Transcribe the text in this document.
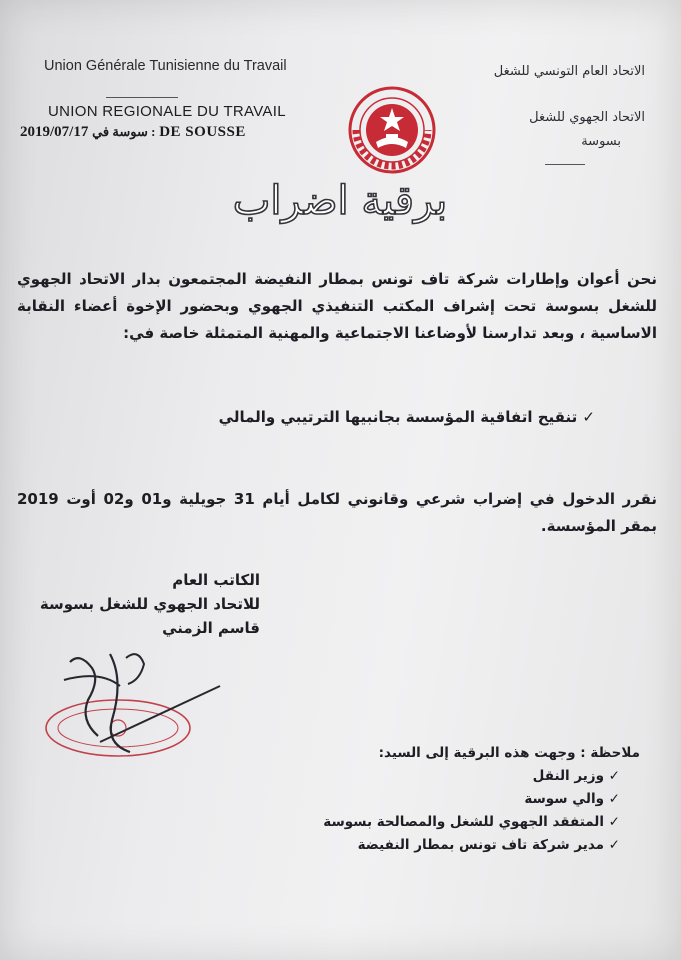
Union Générale Tunisienne du Travail
UNION REGIONALE DU TRAVAIL
2019/07/17 سوسة في : DE SOUSSE
الاتحاد العام التونسي للشغل
الاتحاد الجهوي للشغل
بسوسة
برقية اضراب
نحن أعوان وإطارات شركة تاف تونس بمطار النفيضة المجتمعون بدار الاتحاد الجهوي للشغل بسوسة تحت إشراف المكتب التنفيذي الجهوي وبحضور الإخوة أعضاء النقابة الاساسية ، وبعد تدارسنا لأوضاعنا الاجتماعية والمهنية المتمثلة خاصة في:
✓ تنقيح اتفاقية المؤسسة بجانبيها الترتيبي والمالي
نقرر الدخول في إضراب شرعي وقانوني لكامل أيام 31 جويلية و01 و02 أوت 2019 بمقر المؤسسة.
الكاتب العام
للاتحاد الجهوي للشغل بسوسة
قاسم الزمني
ملاحظة : وجهت هذه البرقية إلى السيد:
✓ وزير النقل
✓ والي سوسة
✓ المتفقد الجهوي للشغل والمصالحة بسوسة
✓ مدير شركة تاف تونس بمطار النفيضة
